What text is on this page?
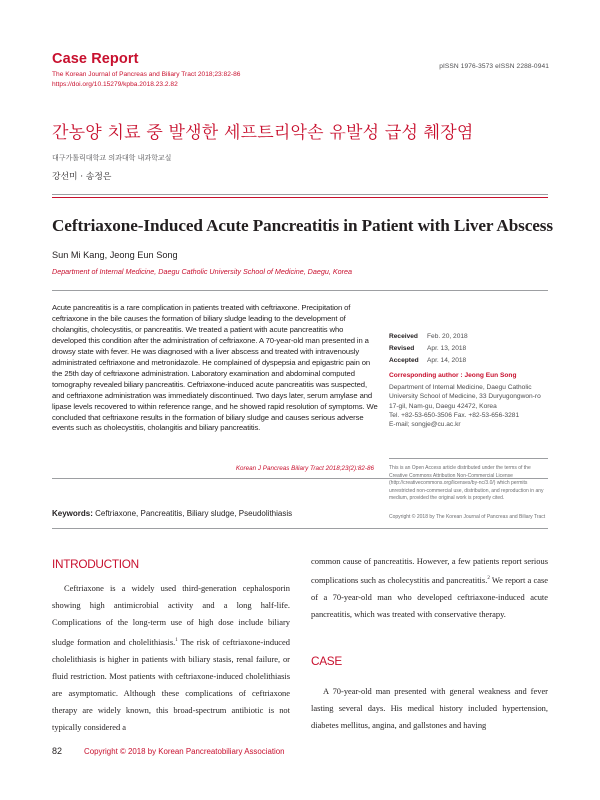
Case Report
The Korean Journal of Pancreas and Biliary Tract 2018;23:82-86
https://doi.org/10.15279/kpba.2018.23.2.82
pISSN 1976-3573 eISSN 2288-0941
간농양 치료 중 발생한 세프트리악손 유발성 급성 췌장염
대구가톨릭대학교 의과대학 내과학교실
강선미 · 송정은
Ceftriaxone-Induced Acute Pancreatitis in Patient with Liver Abscess
Sun Mi Kang, Jeong Eun Song
Department of Internal Medicine, Daegu Catholic University School of Medicine, Daegu, Korea
Acute pancreatitis is a rare complication in patients treated with ceftriaxone. Precipitation of ceftriaxone in the bile causes the formation of biliary sludge leading to the development of cholangitis, cholecystitis, or pancreatitis. We treated a patient with acute pancreatitis who developed this condition after the administration of ceftriaxone. A 70-year-old man presented in a drowsy state with fever. He was diagnosed with a liver abscess and treated with intravenously administrated ceftriaxone and metronidazole. He complained of dyspepsia and epigastric pain on the 25th day of ceftriaxone administration. Laboratory examination and abdominal computed tomography revealed biliary pancreatitis. Ceftriaxone-induced acute pancreatitis was suspected, and ceftriaxone administration was immediately discontinued. Two days later, serum amylase and lipase levels recovered to within reference range, and he showed rapid resolution of symptoms. We concluded that ceftriaxone results in the formation of biliary sludge and causes serious adverse events such as cholecystitis, cholangitis and biliary pancreatitis.
Korean J Pancreas Biliary Tract 2018;23(2):82-86
Keywords: Ceftriaxone, Pancreatitis, Biliary sludge, Pseudolithiasis
Received Feb. 20, 2018
Revised Apr. 13, 2018
Accepted Apr. 14, 2018
Corresponding author : Jeong Eun Song
Department of Internal Medicine, Daegu Catholic
University School of Medicine, 33 Duryugongwon-ro
17-gil, Nam-gu, Daegu 42472, Korea
Tel. +82-53-650-3506 Fax. +82-53-656-3281
E-mail; songje@cu.ac.kr
This is an Open Access article distributed under the terms of the Creative Commons Attribution Non-Commercial License (http://creativecommons.org/licenses/by-nc/3.0/) which permits unrestricted non-commercial use, distribution, and reproduction in any medium, provided the original work is properly cited.
Copyright © 2018 by The Korean Journal of Pancreas and Biliary Tract
INTRODUCTION

Ceftriaxone is a widely used third-generation cephalosporin showing high antimicrobial activity and a long half-life. Complications of the long-term use of high dose include biliary sludge formation and cholelithiasis.$^1$ The risk of ceftriaxone-induced cholelithiasis is higher in patients with biliary stasis, renal failure, or fluid restriction. Most patients with ceftriaxone-induced cholelithiasis are asymptomatic. Although these complications of ceftriaxone therapy are widely known, this broad-spectrum antibiotic is not typically considered a

common cause of pancreatitis. However, a few patients report serious complications such as cholecystitis and pancreatitis.$^2$ We report a case of a 70-year-old man who developed ceftriaxone-induced acute pancreatitis, which was treated with conservative therapy.

CASE

A 70-year-old man presented with general weakness and fever lasting several days. His medical history included hypertension, diabetes mellitus, angina, and gallstones and having

82	Copyright © 2018 by Korean Pancreatobiliary Association
